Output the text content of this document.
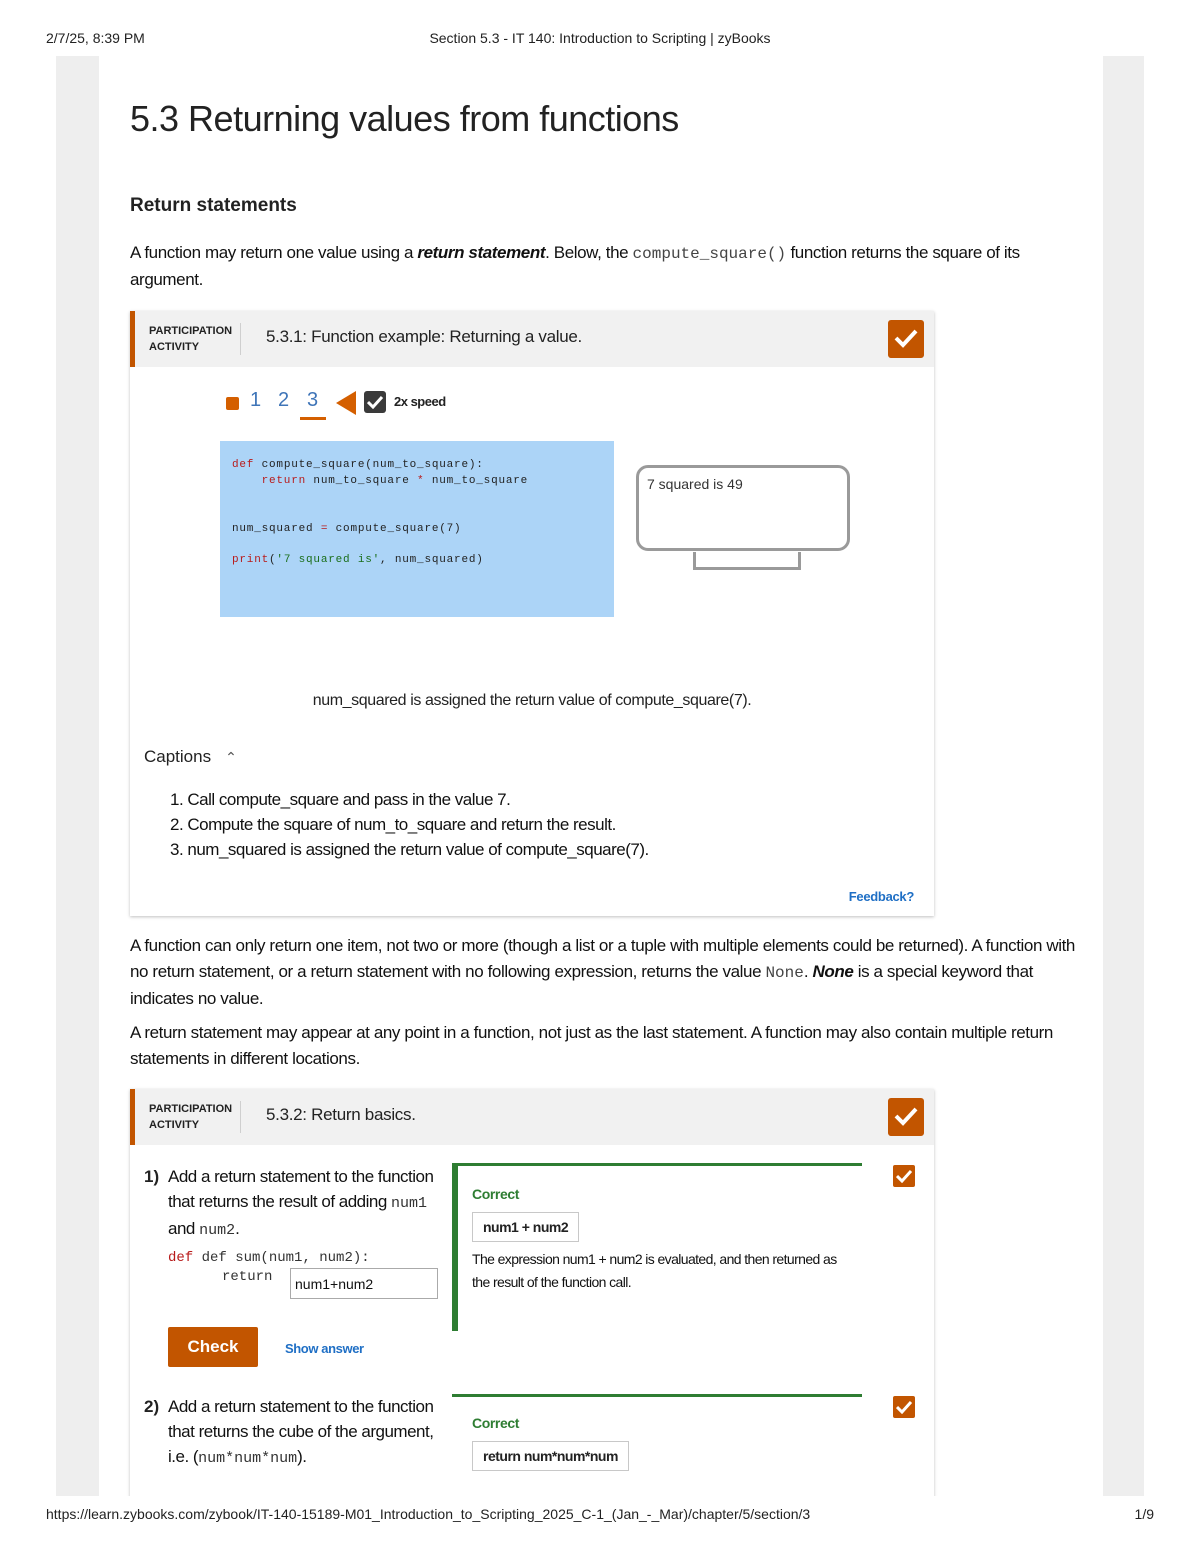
2/7/25, 8:39 PM	Section 5.3 - IT 140: Introduction to Scripting | zyBooks
5.3 Returning values from functions
Return statements

A function may return one value using a return statement. Below, the compute_square() function returns the square of its argument.

PARTICIPATION ACTIVITY
5.3.1: Function example: Returning a value.
1 2 3	2x speed
def compute_square(num_to_square):
return num_to_square * num_to_square
num_squared = compute_square(7)
print('7 squared is', num_squared)
7 squared is 49
num_squared is assigned the return value of compute_square(7).
Captions ⌃
1. Call compute_square and pass in the value 7.
2. Compute the square of num_to_square and return the result.
3. num_squared is assigned the return value of compute_square(7).
Feedback?

A function can only return one item, not two or more (though a list or a tuple with multiple elements could be returned). A function with no return statement, or a return statement with no following expression, returns the value None. None is a special keyword that indicates no value.

A return statement may appear at any point in a function, not just as the last statement. A function may also contain multiple return statements in different locations.

PARTICIPATION ACTIVITY
5.3.2: Return basics.
1) Add a return statement to the function that returns the result of adding num1 and num2.
def def sum(num1, num2):
return
num1+num2
Check	Show answer
Correct
num1 + num2
The expression num1 + num2 is evaluated, and then returned as the result of the function call.
2) Add a return statement to the function that returns the cube of the argument, i.e. (num*num*num).
Correct
return num*num*num
https://learn.zybooks.com/zybook/IT-140-15189-M01_Introduction_to_Scripting_2025_C-1_(Jan_-_Mar)/chapter/5/section/3	1/9
